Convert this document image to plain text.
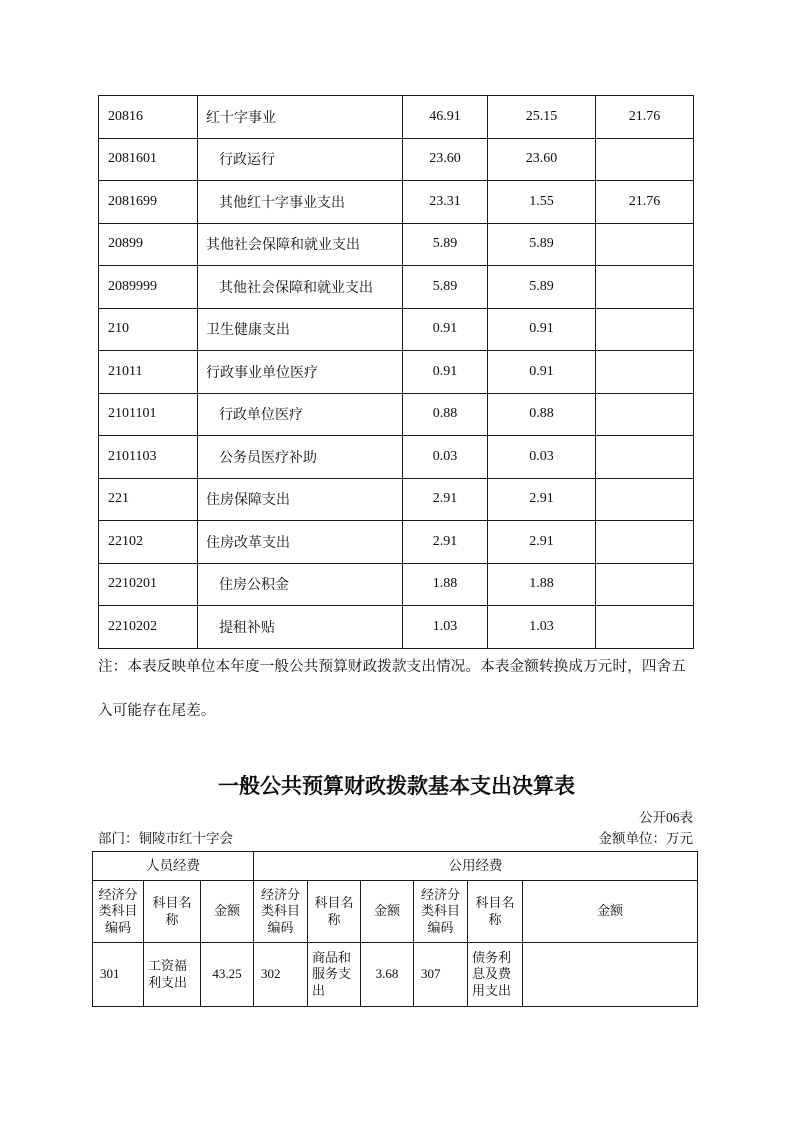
20816	红十字事业	46.91	25.15	21.76
2081601	行政运行	23.60	23.60	
2081699	其他红十字事业支出	23.31	1.55	21.76
20899	其他社会保障和就业支出	5.89	5.89	
2089999	其他社会保障和就业支出	5.89	5.89	
210	卫生健康支出	0.91	0.91	
21011	行政事业单位医疗	0.91	0.91	
2101101	行政单位医疗	0.88	0.88	
2101103	公务员医疗补助	0.03	0.03	
221	住房保障支出	2.91	2.91	
22102	住房改革支出	2.91	2.91	
2210201	住房公积金	1.88	1.88	
2210202	提租补贴	1.03	1.03	
注：本表反映单位本年度一般公共预算财政拨款支出情况。本表金额转换成万元时，四舍五
入可能存在尾差。
一般公共预算财政拨款基本支出决算表
公开06表
部门：铜陵市红十字会	金额单位：万元
人员经费			公用经费					
经济分类科目编码	科目名称	金额	经济分类科目编码	科目名称	金额	经济分类科目编码	科目名称	金额
301	工资福利支出	43.25	302	商品和服务支出	3.68	307	债务利息及费用支出	
